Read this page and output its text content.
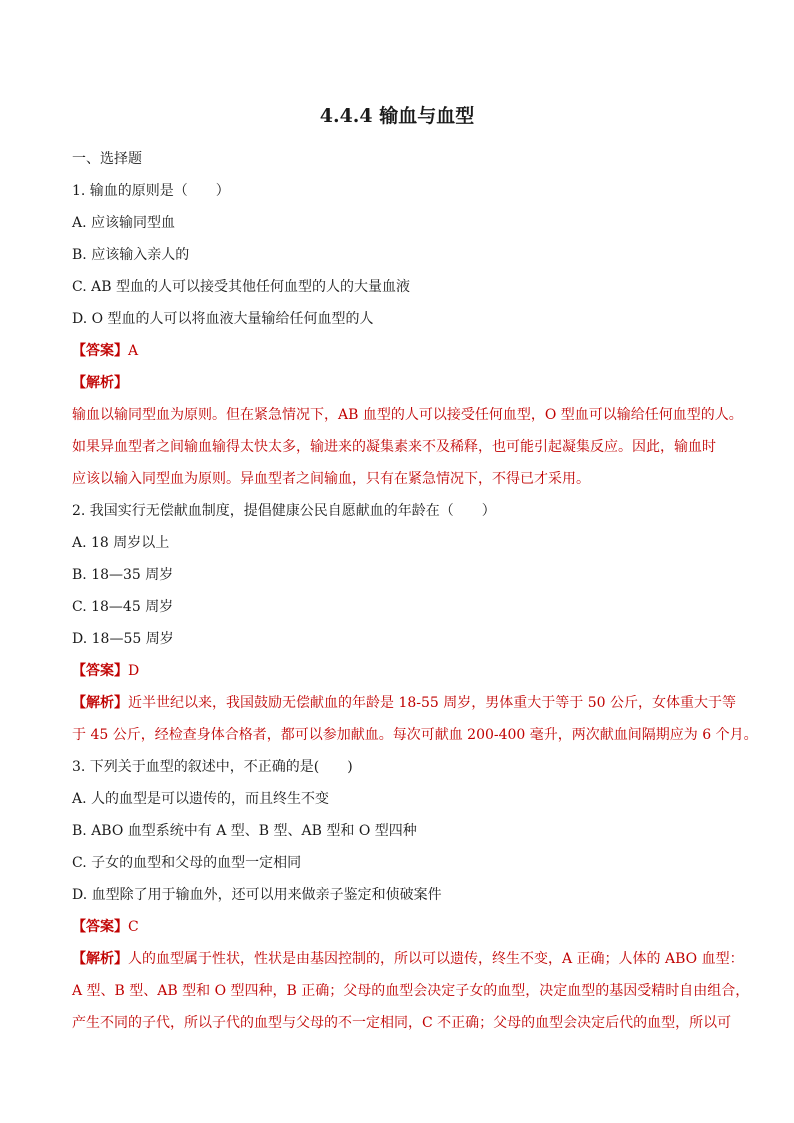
4.4.4 输血与血型
一、选择题
1. 输血的原则是（　　）
A. 应该输同型血
B. 应该输入亲人的
C. AB 型血的人可以接受其他任何血型的人的大量血液
D. O 型血的人可以将血液大量输给任何血型的人
【答案】A
【解析】
输血以输同型血为原则。但在紧急情况下，AB 血型的人可以接受任何血型，O 型血可以输给任何血型的人。
如果异血型者之间输血输得太快太多，输进来的凝集素来不及稀释，也可能引起凝集反应。因此，输血时
应该以输入同型血为原则。异血型者之间输血，只有在紧急情况下，不得已才采用。
2. 我国实行无偿献血制度，提倡健康公民自愿献血的年龄在（　　）
A. 18 周岁以上
B. 18—35 周岁
C. 18—45 周岁
D. 18—55 周岁
【答案】D
【解析】近半世纪以来，我国鼓励无偿献血的年龄是 18-55 周岁，男体重大于等于 50 公斤，女体重大于等
于 45 公斤，经检查身体合格者，都可以参加献血。每次可献血 200-400 毫升，两次献血间隔期应为 6 个月。
3. 下列关于血型的叙述中，不正确的是(　　)
A. 人的血型是可以遗传的，而且终生不变
B. ABO 血型系统中有 A 型、B 型、AB 型和 O 型四种
C. 子女的血型和父母的血型一定相同
D. 血型除了用于输血外，还可以用来做亲子鉴定和侦破案件
【答案】C
【解析】人的血型属于性状，性状是由基因控制的，所以可以遗传，终生不变，A 正确；人体的 ABO 血型：
A 型、B 型、AB 型和 O 型四种，B 正确；父母的血型会决定子女的血型，决定血型的基因受精时自由组合，
产生不同的子代，所以子代的血型与父母的不一定相同，C 不正确；父母的血型会决定后代的血型，所以可
